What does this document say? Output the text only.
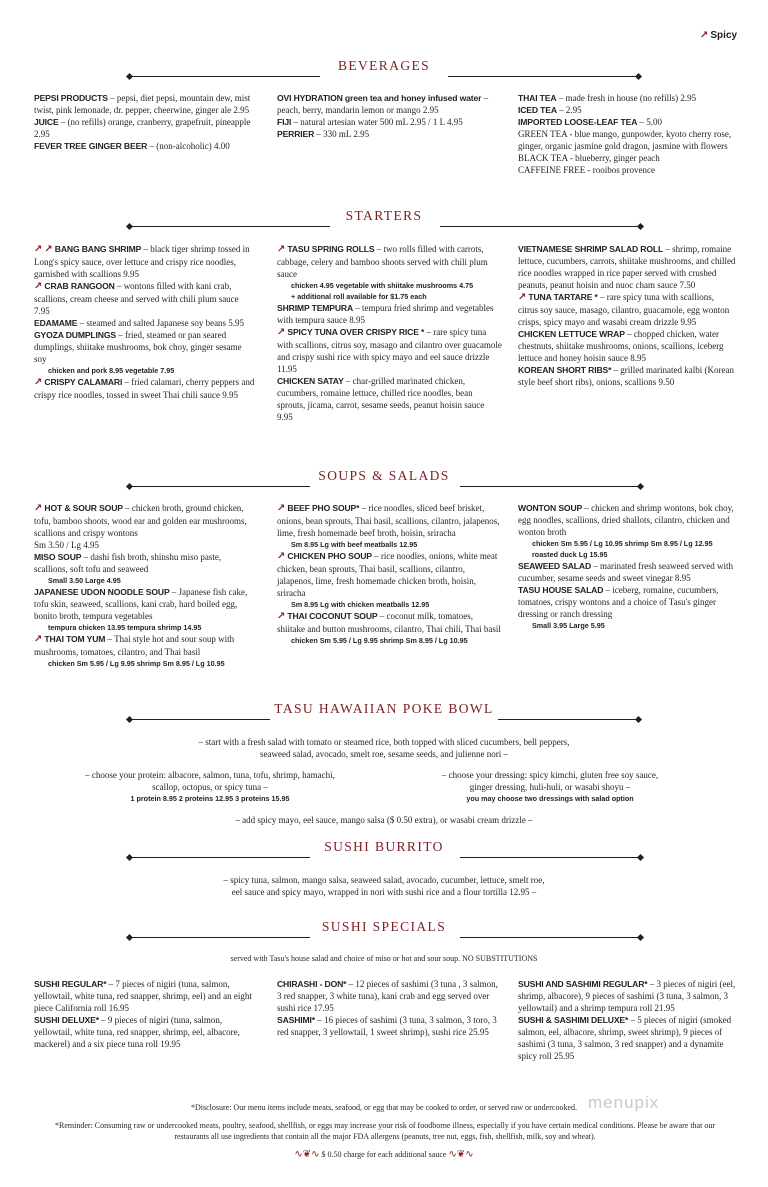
↗ Spicy
BEVERAGES
PEPSI PRODUCTS – pepsi, diet pepsi, mountain dew, mist twist, pink lemonade, dr. pepper, cheerwine, ginger ale 2.95
JUICE – (no refills) orange, cranberry, grapefruit, pineapple 2.95
FEVER TREE GINGER BEER – (non-alcoholic) 4.00
OVI HYDRATION green tea and honey infused water – peach, berry, mandarin lemon or mango 2.95
FIJI – natural artesian water 500 mL 2.95 / 1 L 4.95
PERRIER – 330 mL 2.95
THAI TEA – made fresh in house (no refills) 2.95
ICED TEA – 2.95
IMPORTED LOOSE-LEAF TEA – 5.00
GREEN TEA - blue mango, gunpowder, kyoto cherry rose, ginger, organic jasmine gold dragon, jasmine with flowers
BLACK TEA - blueberry, ginger peach
CAFFEINE FREE - rooibos provence
STARTERS
↗ ↗ BANG BANG SHRIMP – black tiger shrimp tossed in Long's spicy sauce, over lettuce and crispy rice noodles, garnished with scallions 9.95
↗ CRAB RANGOON – wontons filled with kani crab, scallions, cream cheese and served with chili plum sauce 7.95
EDAMAME – steamed and salted Japanese soy beans 5.95
GYOZA DUMPLINGS – fried, steamed or pan seared dumplings, shiitake mushrooms, bok choy, ginger sesame soy
chicken and pork 8.95 vegetable 7.95
↗ CRISPY CALAMARI – fried calamari, cherry peppers and crispy rice noodles, tossed in sweet Thai chili sauce 9.95
↗ TASU SPRING ROLLS – two rolls filled with carrots, cabbage, celery and bamboo shoots served with chili plum sauce
chicken 4.95 vegetable with shiitake mushrooms 4.75
+ additional roll available for $1.75 each
SHRIMP TEMPURA – tempura fried shrimp and vegetables with tempura sauce 8.95
↗ SPICY TUNA OVER CRISPY RICE * – rare spicy tuna with scallions, citrus soy, masago and cilantro over guacamole and crispy sushi rice with spicy mayo and eel sauce drizzle 11.95
CHICKEN SATAY – char-grilled marinated chicken, cucumbers, romaine lettuce, chilled rice noodles, bean sprouts, jicama, carrot, sesame seeds, peanut hoisin sauce 9.95
VIETNAMESE SHRIMP SALAD ROLL – shrimp, romaine lettuce, cucumbers, carrots, shiitake mushrooms, and chilled rice noodles wrapped in rice paper served with crushed peanuts, peanut hoisin and nuoc cham sauce 7.50
↗ TUNA TARTARE * – rare spicy tuna with scallions, citrus soy sauce, masago, cilantro, guacamole, egg wonton crisps, spicy mayo and wasabi cream drizzle 9.95
CHICKEN LETTUCE WRAP – chopped chicken, water chestnuts, shiitake mushrooms, onions, scallions, iceberg lettuce and honey hoisin sauce 8.95
KOREAN SHORT RIBS* – grilled marinated kalbi (Korean style beef short ribs), onions, scallions 9.50
SOUPS & SALADS
↗ HOT & SOUR SOUP – chicken broth, ground chicken, tofu, bamboo shoots, wood ear and golden ear mushrooms, scallions and crispy wontons
Sm 3.50 / Lg 4.95
MISO SOUP – dashi fish broth, shinshu miso paste, scallions, soft tofu and seaweed
Small 3.50 Large 4.95
JAPANESE UDON NOODLE SOUP – Japanese fish cake, tofu skin, seaweed, scallions, kani crab, hard boiled egg, bonito broth, tempura vegetables
tempura chicken 13.95 tempura shrimp 14.95
↗ THAI TOM YUM – Thai style hot and sour soup with mushrooms, tomatoes, cilantro, and Thai basil
chicken Sm 5.95 / Lg 9.95 shrimp Sm 8.95 / Lg 10.95
↗ BEEF PHO SOUP* – rice noodles, sliced beef brisket, onions, bean sprouts, Thai basil, scallions, cilantro, jalapenos, lime, fresh homemade beef broth, hoisin, sriracha
Sm 8.95 Lg with beef meatballs 12.95
↗ CHICKEN PHO SOUP – rice noodles, onions, white meat chicken, bean sprouts, Thai basil, scallions, cilantro, jalapenos, lime, fresh homemade chicken broth, hoisin, sriracha
Sm 8.95 Lg with chicken meatballs 12.95
↗ THAI COCONUT SOUP – coconut milk, tomatoes, shiitake and button mushrooms, cilantro, Thai chili, Thai basil
chicken Sm 5.95 / Lg 9.95 shrimp Sm 8.95 / Lg 10.95
WONTON SOUP – chicken and shrimp wontons, bok choy, egg noodles, scallions, dried shallots, cilantro, chicken and wonton broth
chicken Sm 5.95 / Lg 10.95 shrimp Sm 8.95 / Lg 12.95
roasted duck Lg 15.95
SEAWEED SALAD – marinated fresh seaweed served with cucumber, sesame seeds and sweet vinegar 8.95
TASU HOUSE SALAD – iceberg, romaine, cucumbers, tomatoes, crispy wontons and a choice of Tasu's ginger dressing or ranch dressing
Small 3.95 Large 5.95
TASU HAWAIIAN POKE BOWL
– start with a fresh salad with tomato or steamed rice, both topped with sliced cucumbers, bell peppers,
seaweed salad, avocado, smelt roe, sesame seeds, and julienne nori –
– choose your protein: albacore, salmon, tuna, tofu, shrimp, hamachi,
scallop, octopus, or spicy tuna –
1 protein 8.95 2 proteins 12.95 3 proteins 15.95
– choose your dressing: spicy kimchi, gluten free soy sauce,
ginger dressing, huli-huli, or wasabi shoyu –
you may choose two dressings with salad option
– add spicy mayo, eel sauce, mango salsa ($ 0.50 extra), or wasabi cream drizzle –
SUSHI BURRITO
– spicy tuna, salmon, mango salsa, seaweed salad, avocado, cucumber, lettuce, smelt roe,
eel sauce and spicy mayo, wrapped in nori with sushi rice and a flour tortilla 12.95 –
SUSHI SPECIALS
served with Tasu's house salad and choice of miso or hot and sour soup. NO SUBSTITUTIONS
SUSHI REGULAR* – 7 pieces of nigiri (tuna, salmon, yellowtail, white tuna, red snapper, shrimp, eel) and an eight piece California roll 16.95
SUSHI DELUXE* – 9 pieces of nigiri (tuna, salmon, yellowtail, white tuna, red snapper, shrimp, eel, albacore, mackerel) and a six piece tuna roll 19.95
CHIRASHI - DON* – 12 pieces of sashimi (3 tuna , 3 salmon, 3 red snapper, 3 white tuna), kani crab and egg served over sushi rice 17.95
SASHIMI* – 16 pieces of sashimi (3 tuna, 3 salmon, 3 toro, 3 red snapper, 3 yellowtail, 1 sweet shrimp), sushi rice 25.95
SUSHI AND SASHIMI REGULAR* – 3 pieces of nigiri (eel, shrimp, albacore), 9 pieces of sashimi (3 tuna, 3 salmon, 3 yellowtail) and a shrimp tempura roll 21.95
SUSHI & SASHIMI DELUXE* – 5 pieces of nigiri (smoked salmon, eel, albacore, shrimp, sweet shrimp), 9 pieces of sashimi (3 tuna, 3 salmon, 3 red snapper) and a dynamite spicy roll 25.95
*Disclosure: Our menu items include meats, seafood, or egg that may be cooked to order, or served raw or undercooked. menupix
*Reminder: Consuming raw or undercooked meats, poultry, seafood, shellfish, or eggs may increase your risk of foodborne illness, especially if you have certain medical conditions. Please be aware that our restaurants all use ingredients that contain all the major FDA allergens (peanuts, tree nut, eggs, fish, shellfish, milk, soy and wheat).
∿❦∿ $ 0.50 charge for each additional sauce ∿❦∿
